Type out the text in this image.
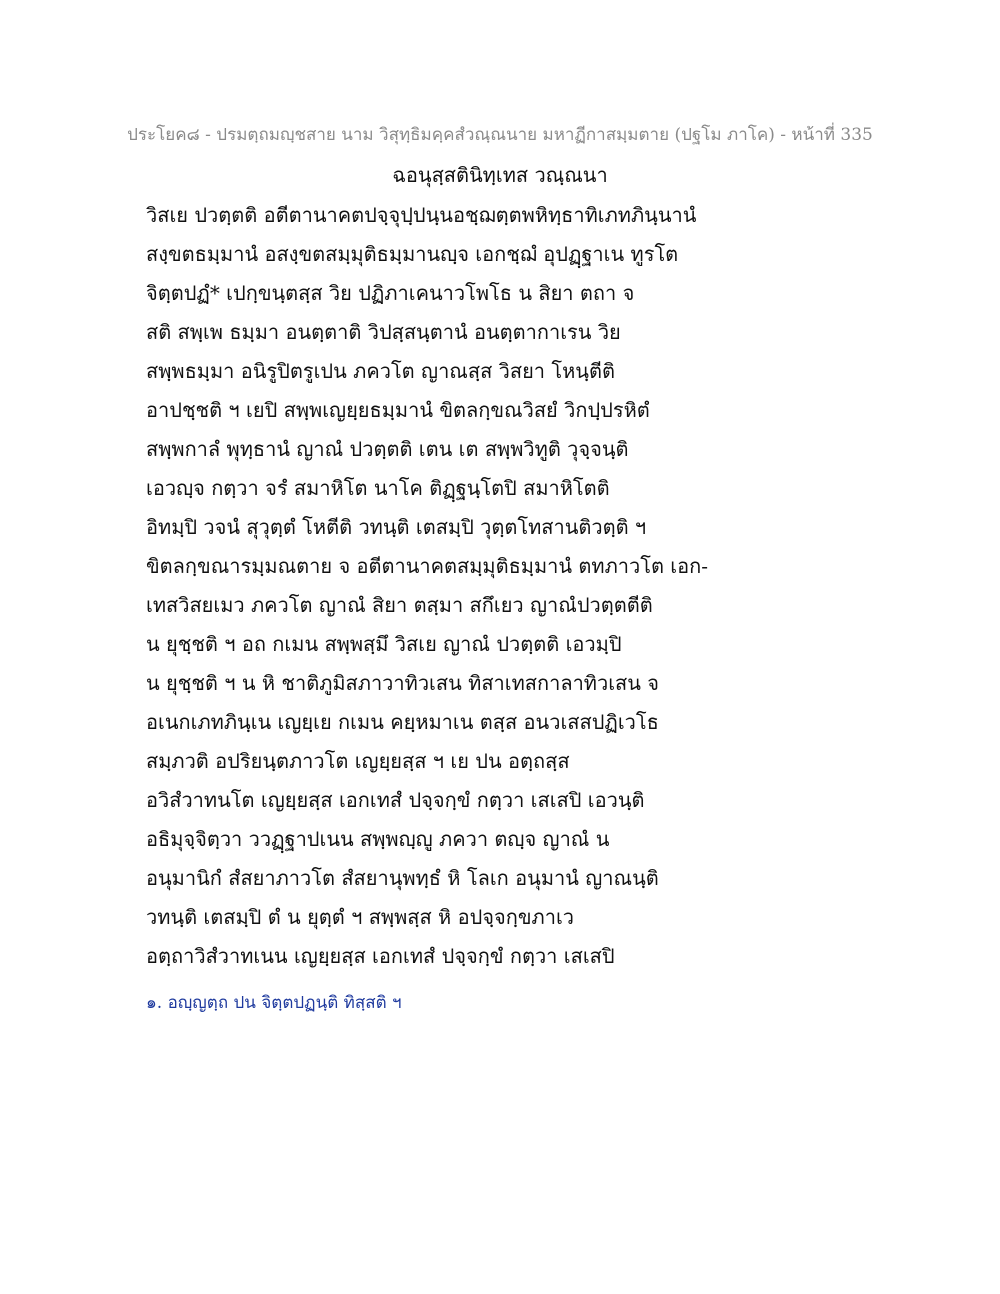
ประโยค๘ - ปรมตฺถมญฺชสาย นาม วิสุทฺธิมคฺคสํวณฺณนาย มหาฏีกาสมฺมตาย (ปฐโม ภาโค) - หน้าที่ 335
ฉอนุสฺสตินิทฺเทส วณฺณนา
วิสเย ปวตฺตติ อตีตานาคตปจฺจุปฺปนฺนอชฺฌตฺตพหิทฺธาทิเภทภินฺนานํ
สงฺขตธมฺมานํ อสงฺขตสมฺมุติธมฺมานญฺจ เอกชฺฌํ อุปฏฺฐาเน ทูรโต
จิตฺตปฏํ* เปกฺขนฺตสฺส วิย ปฏิภาเคนาวโพโธ น สิยา ตถา จ
สติ สพฺเพ ธมฺมา อนตฺตาติ วิปสฺสนฺตานํ อนตฺตากาเรน วิย
สพฺพธมฺมา อนิรูปิตรูเปน ภควโต ญาณสฺส วิสยา โหนฺตีติ
อาปชฺชติ ฯ เยปิ สพฺพเญยฺยธมฺมานํ ขิตลกฺขณวิสยํ วิกปฺปรหิตํ
สพฺพกาลํ พุทฺธานํ ญาณํ ปวตฺตติ เตน เต สพฺพวิทูติ วุจฺจนฺติ
เอวญฺจ กตฺวา จรํ สมาหิโต นาโค ติฏฺฐนฺโตปิ สมาหิโตติ
อิทมฺปิ วจนํ สุวุตฺตํ โหตีติ วทนฺติ เตสมฺปิ วุตฺตโทสานติวตฺติ ฯ
ขิตลกฺขณารมฺมณตาย จ อตีตานาคตสมฺมุติธมฺมานํ ตทภาวโต เอก-
เทสวิสยเมว ภควโต ญาณํ สิยา ตสฺมา สกึเยว ญาณํปวตฺตตีติ
น ยุชฺชติ ฯ อถ กเมน สพฺพสฺมึ วิสเย ญาณํ ปวตฺตติ เอวมฺปิ
น ยุชฺชติ ฯ น หิ ชาติภูมิสภาวาทิวเสน ทิสาเทสกาลาทิวเสน จ
อเนกเภทภินฺเน เญยฺเย กเมน คยฺหมาเน ตสฺส อนวเสสปฏิเวโธ
สมฺภวติ อปริยนฺตภาวโต เญยฺยสฺส ฯ เย ปน อตฺถสฺส
อวิสํวาทนโต เญยฺยสฺส เอกเทสํ ปจฺจกฺขํ กตฺวา เสเสปิ เอวนฺติ
อธิมุจฺจิตฺวา ววฏฺฐาปเนน สพฺพญฺญู ภควา ตญฺจ ญาณํ น
อนุมานิกํ สํสยาภาวโต สํสยานุพทฺธํ หิ โลเก อนุมานํ ญาณนฺติ
วทนฺติ เตสมฺปิ ตํ น ยุตฺตํ ฯ สพฺพสฺส หิ อปจฺจกฺขภาเว
อตฺถาวิสํวาทเนน เญยฺยสฺส เอกเทสํ ปจฺจกฺขํ กตฺวา เสเสปิ
๑. อญฺญตฺถ ปน จิตฺตปฏนฺติ ทิสฺสติ ฯ
